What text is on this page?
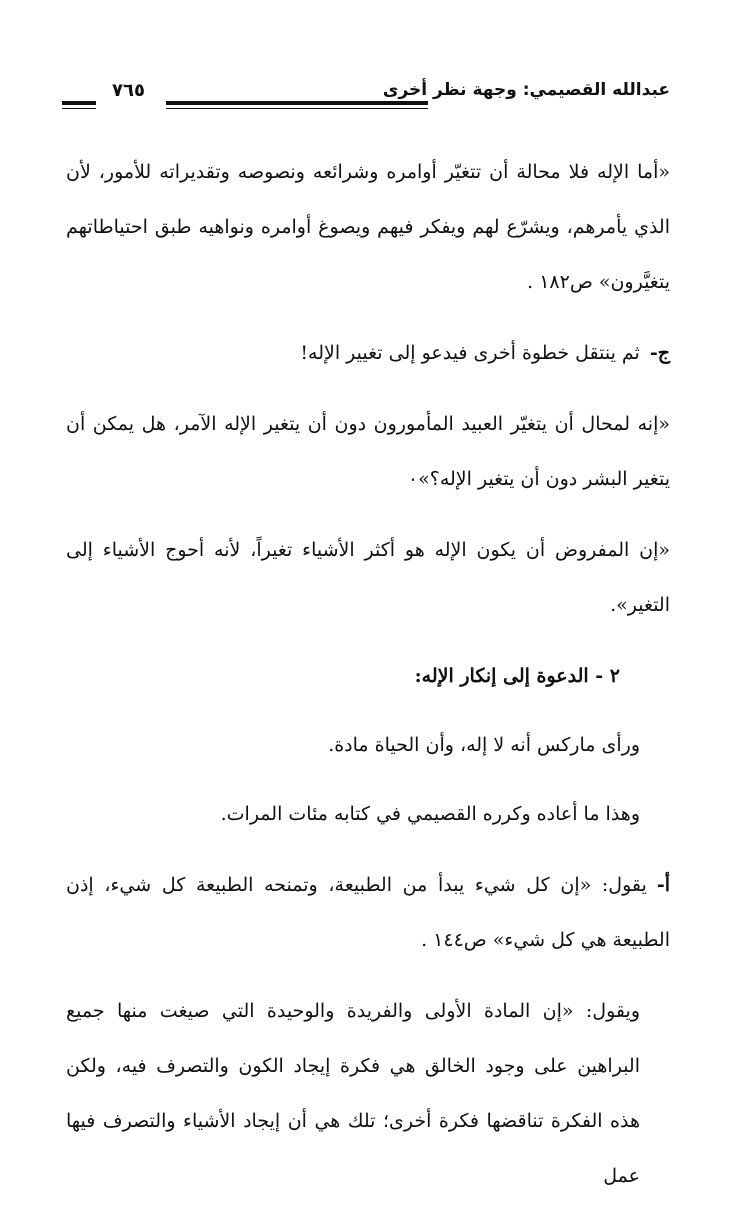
عبدالله القصيمي: وجهة نظر أخرى
٧٦٥

«أما الإله فلا محالة أن تتغيّر أوامره وشرائعه ونصوصه وتقديراته للأمور، لأن الذي يأمرهم، ويشرّع لهم ويفكر فيهم ويصوغ أوامره ونواهيه طبق احتياطاتهم يتغيَّرون» ص١٨٢ .

ج-ثم ينتقل خطوة أخرى فيدعو إلى تغيير الإله!

«إنه لمحال أن يتغيّر العبيد المأمورون دون أن يتغير الإله الآمر، هل يمكن أن يتغير البشر دون أن يتغير الإله؟»٠

«إن المفروض أن يكون الإله هو أكثر الأشياء تغيراً، لأنه أحوج الأشياء إلى التغير».

٢ - الدعوة إلى إنكار الإله:

ورأى ماركس أنه لا إله، وأن الحياة مادة.

وهذا ما أعاده وكرره القصيمي في كتابه مئات المرات.

أ-يقول: «إن كل شيء يبدأ من الطبيعة، وتمنحه الطبيعة كل شيء، إذن الطبيعة هي كل شيء» ص١٤٤ .

ويقول: «إن المادة الأولى والفريدة والوحيدة التي صيغت منها جميع البراهين على وجود الخالق هي فكرة إيجاد الكون والتصرف فيه، ولكن هذه الفكرة تناقضها فكرة أخرى؛ تلك هي أن إيجاد الأشياء والتصرف فيها عمل
